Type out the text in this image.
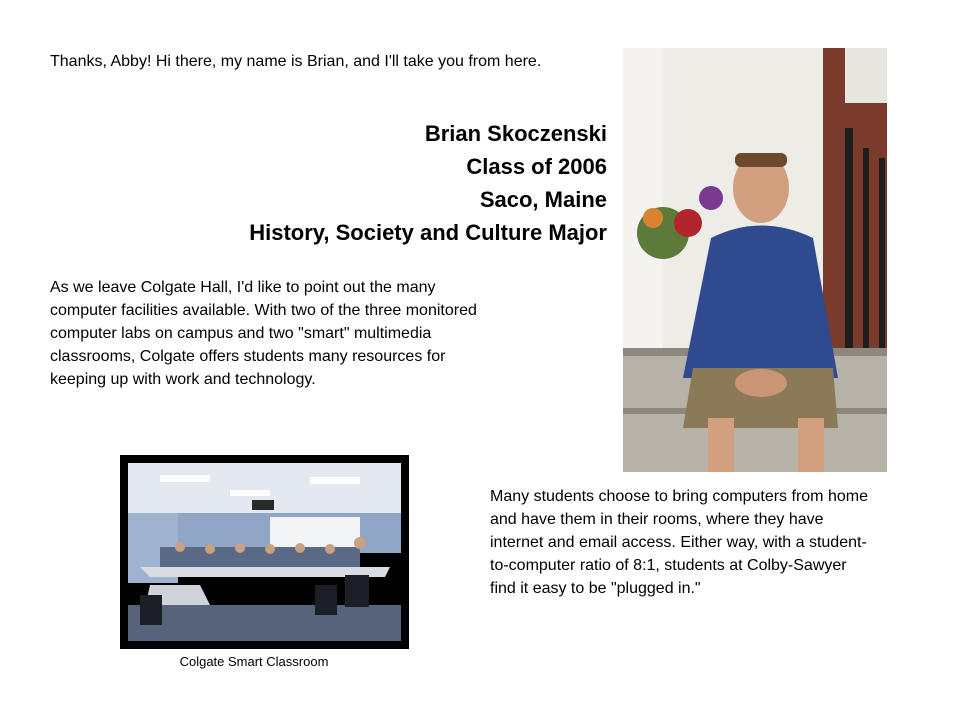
Thanks, Abby! Hi there, my name is Brian, and I'll take you from here.
Brian Skoczenski
Class of 2006
Saco, Maine
History, Society and Culture Major
As we leave Colgate Hall, I'd like to point out the many computer facilities available. With two of the three monitored computer labs on campus and two "smart" multimedia classrooms, Colgate offers students many resources for keeping up with work and technology.
Many students choose to bring computers from home and have them in their rooms, where they have internet and email access. Either way, with a student-to-computer ratio of 8:1, students at Colby-Sawyer find it easy to be "plugged in."
Colgate Smart Classroom
